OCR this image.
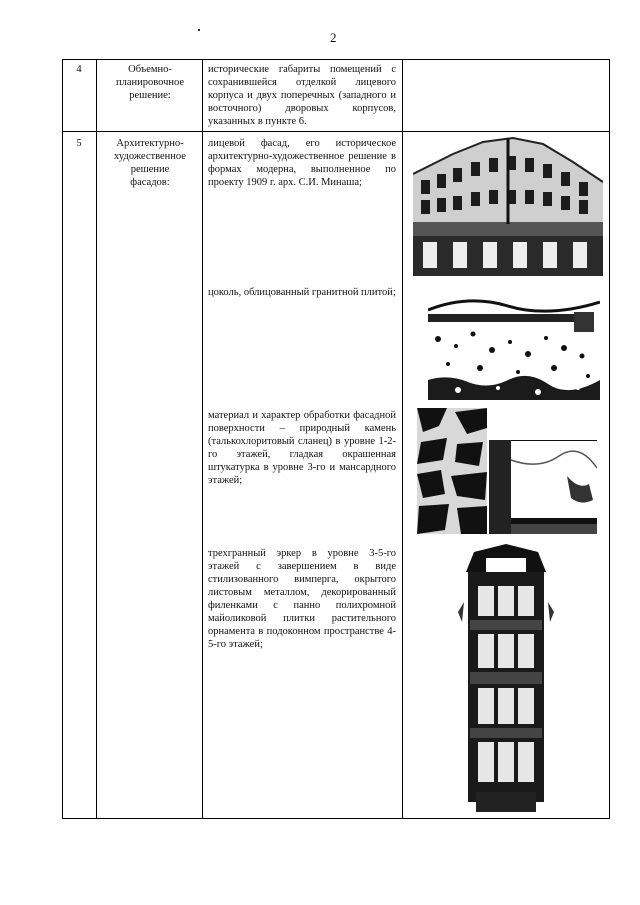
2
4	Объемно-
планировочное
решение:
исторические габариты помещений с сохранившейся отделкой лицевого корпуса и двух поперечных (западного и восточного) дворовых корпусов, указанных в пункте 6.
5	Архитектурно-
художественное
решение
фасадов:
лицевой фасад, его историческое архитектурно-художественное решение в формах модерна, выполненное по проекту 1909 г. арх. С.И. Минаша;
цоколь, облицованный гранитной плитой;
материал и характер обработки фасадной поверхности – природный камень (талькохлоритовый сланец) в уровне 1-2-го этажей, гладкая окрашенная штукатурка в уровне 3-го и мансардного этажей;
трехгранный эркер в уровне 3-5-го этажей с завершением в виде стилизованного вимперга, окрытого листовым металлом, декорированный филенками с панно полихромной майоликовой плитки растительного орнамента в подоконном пространстве 4-5-го этажей;
